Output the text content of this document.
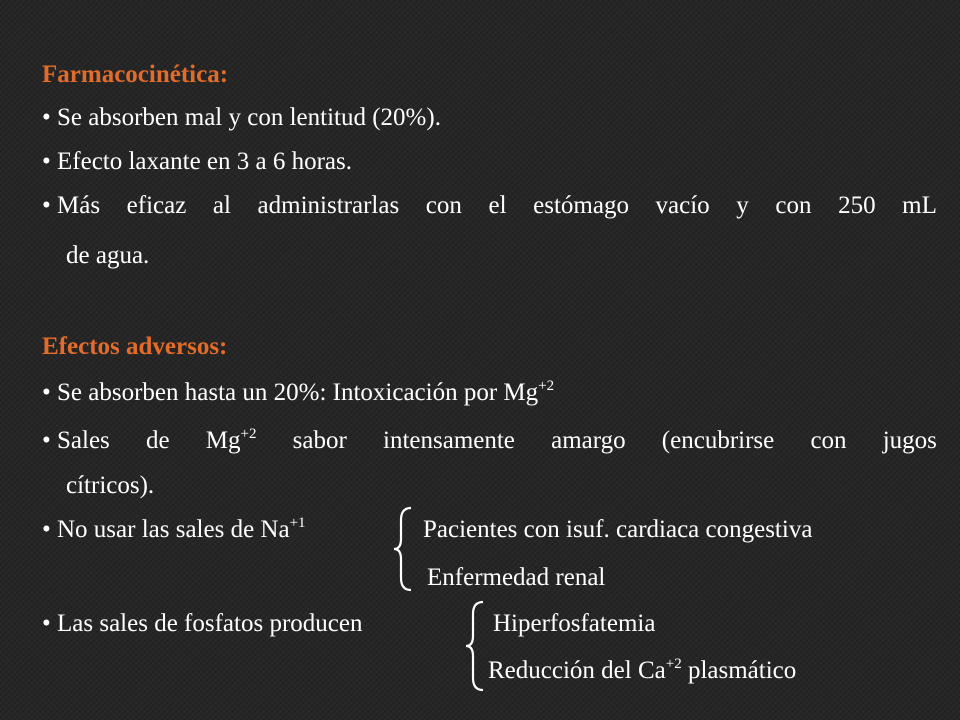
Farmacocinética:
• Se absorben mal y con lentitud (20%).
• Efecto laxante en 3 a 6 horas.
• Más eficaz al administrarlas con el estómago vacío y con 250 mL
de agua.
Efectos adversos:
• Se absorben hasta un 20%: Intoxicación por $Mg^{+2}$
• Sales de $Mg^{+2}$ sabor intensamente amargo (encubrirse con jugos
cítricos).
• No usar las sales de $Na^{+1}$	Pacientes con isuf. cardiaca congestiva
Enfermedad renal
• Las sales de fosfatos producen	Hiperfosfatemia
Reducción del $Ca^{+2}$ plasmático
